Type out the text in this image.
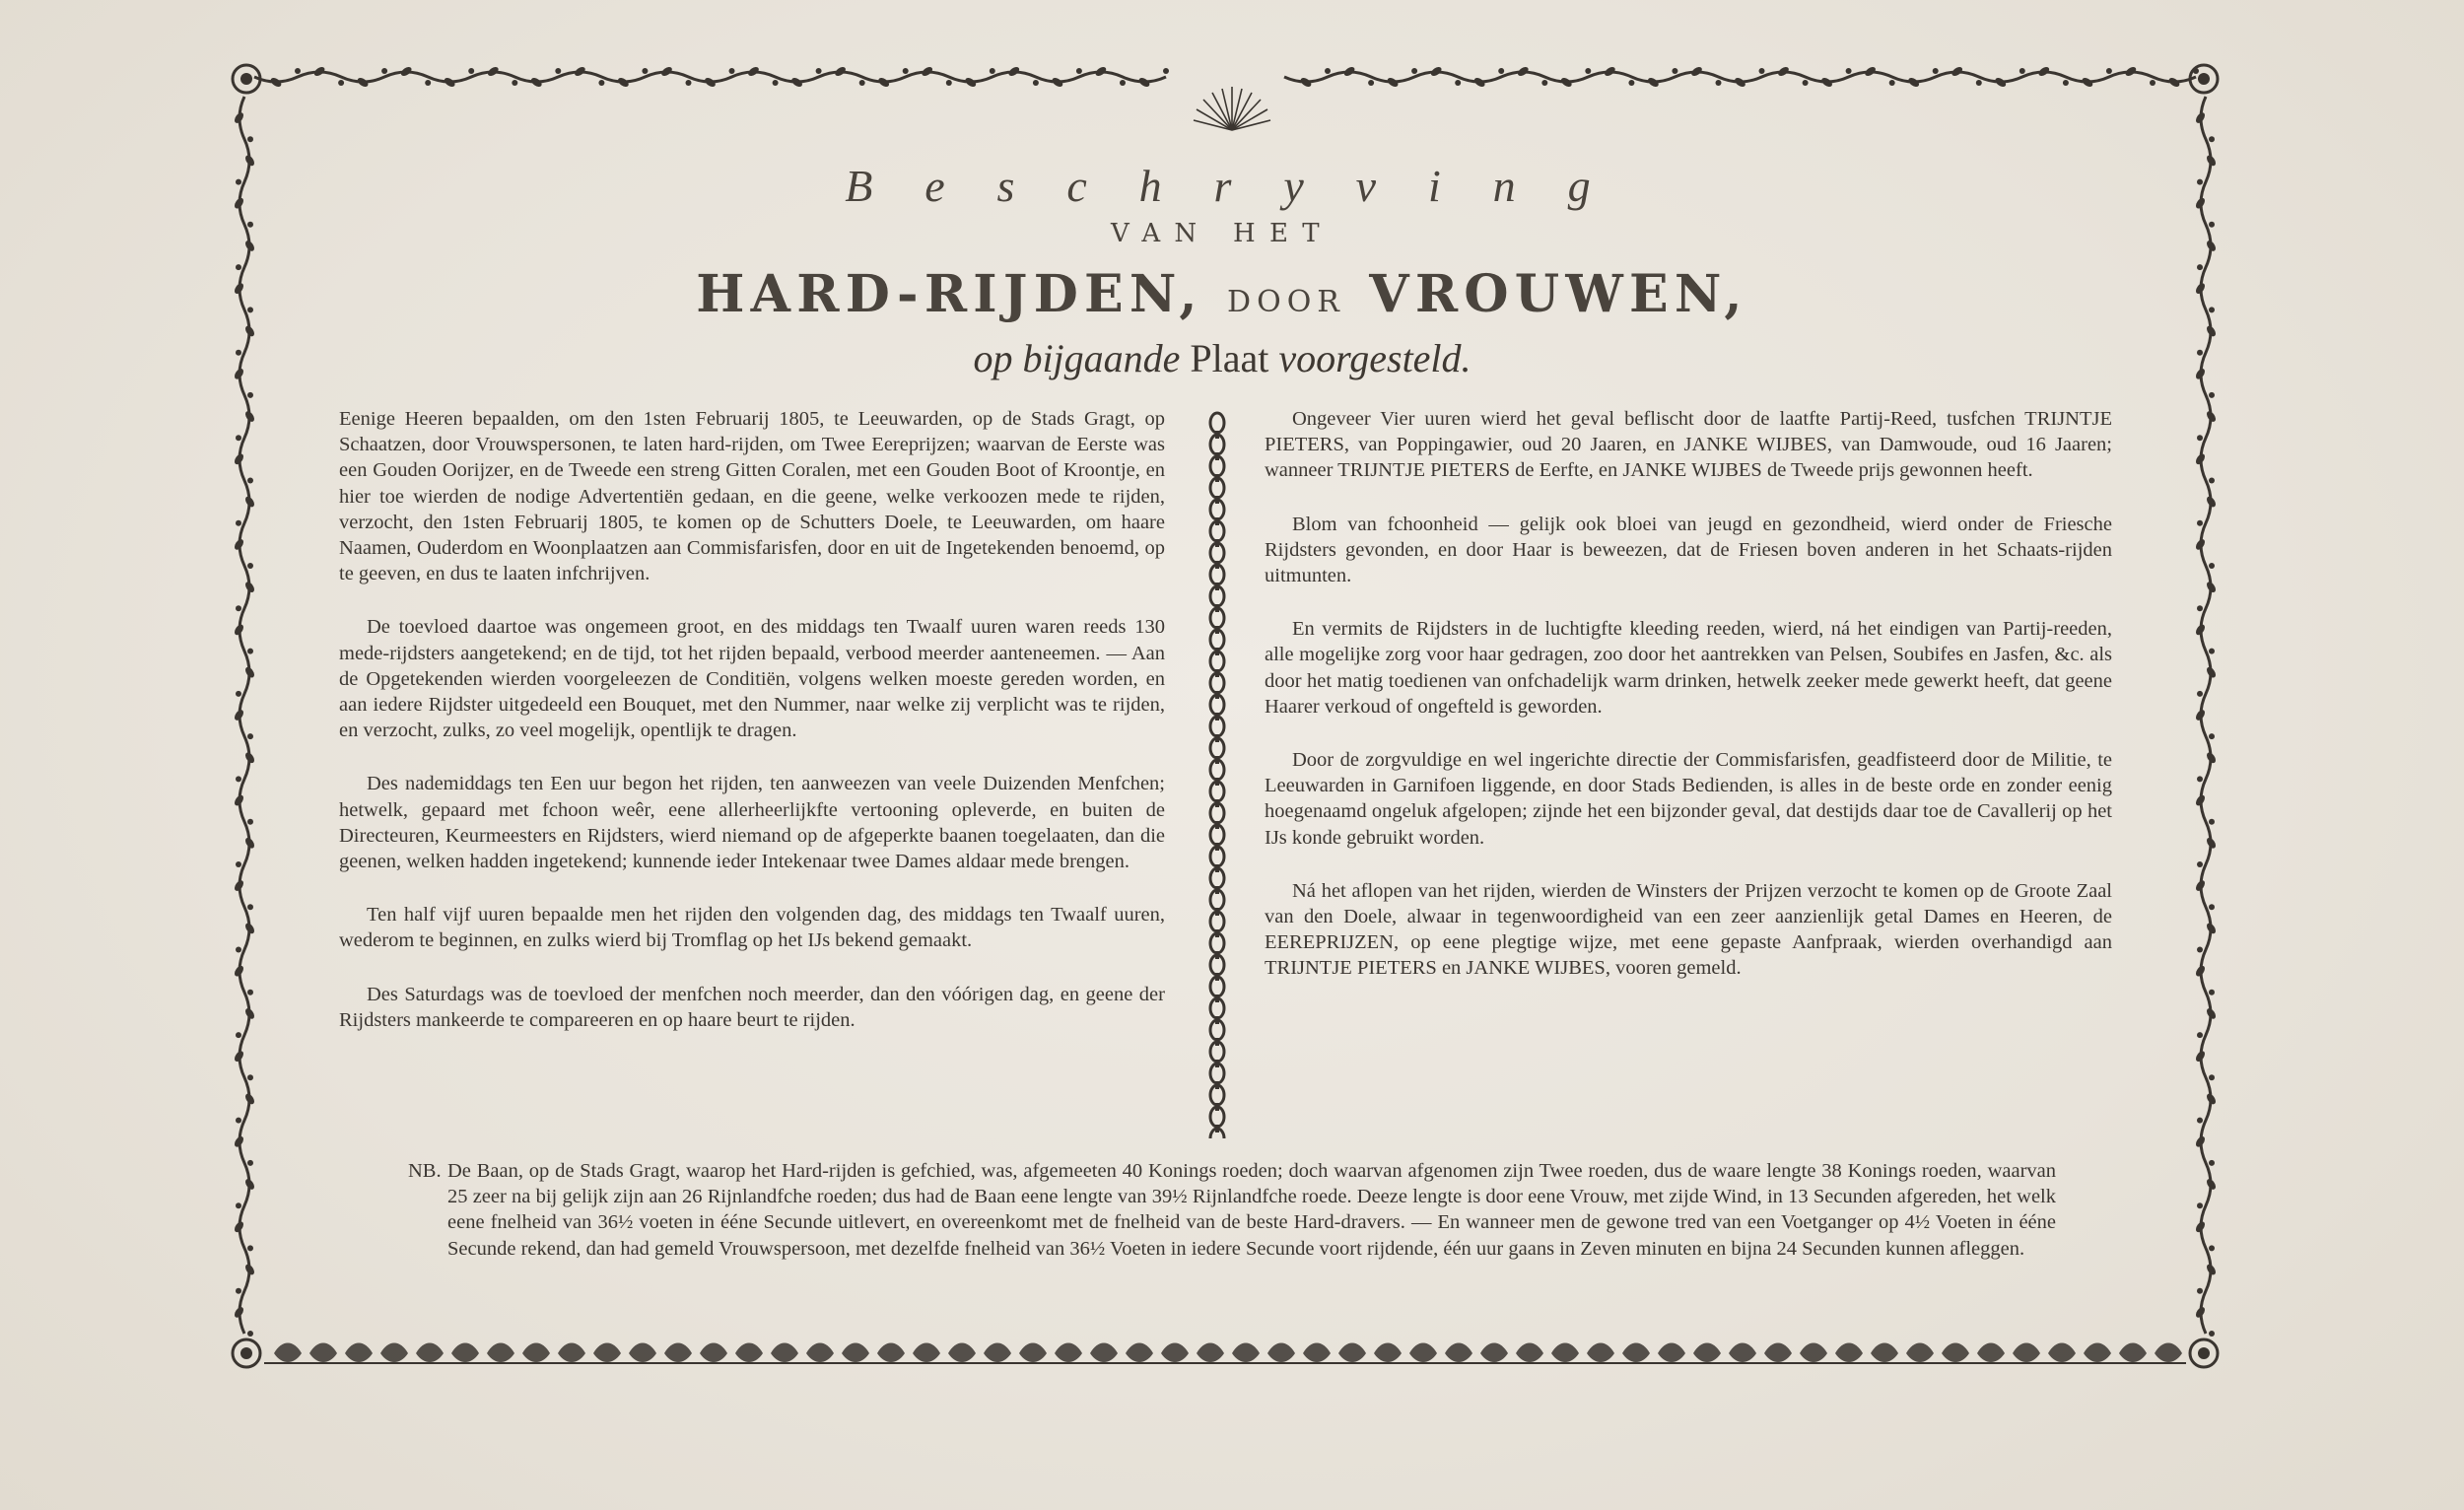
B e s c h r y v i n g
VAN HET
HARD-RIJDEN, DOOR VROUWEN,
op bijgaande Plaat voorgesteld.

Eenige Heeren bepaalden, om den 1sten Februarij 1805, te Leeuwarden, op de Stads Gragt, op Schaatzen, door Vrouwspersonen, te laten hard-rijden, om Twee Eereprijzen; waarvan de Eerste was een Gouden Oorijzer, en de Tweede een streng Gitten Coralen, met een Gouden Boot of Kroontje, en hier toe wierden de nodige Advertentiën gedaan, en die geene, welke verkoozen mede te rijden, verzocht, den 1sten Februarij 1805, te komen op de Schutters Doele, te Leeuwarden, om haare Naamen, Ouderdom en Woonplaatzen aan Commisfarisfen, door en uit de Ingetekenden benoemd, op te geeven, en dus te laaten infchrijven.

De toevloed daartoe was ongemeen groot, en des middags ten Twaalf uuren waren reeds 130 mede-rijdsters aangetekend; en de tijd, tot het rijden bepaald, verbood meerder aanteneemen. — Aan de Opgetekenden wierden voorgeleezen de Conditiën, volgens welken moeste gereden worden, en aan iedere Rijdster uitgedeeld een Bouquet, met den Nummer, naar welke zij verplicht was te rijden, en verzocht, zulks, zo veel mogelijk, opentlijk te dragen.

Des nademiddags ten Een uur begon het rijden, ten aanweezen van veele Duizenden Menfchen; hetwelk, gepaard met fchoon weêr, eene allerheerlijkfte vertooning opleverde, en buiten de Directeuren, Keurmeesters en Rijdsters, wierd niemand op de afgeperkte baanen toegelaaten, dan die geenen, welken hadden ingetekend; kunnende ieder Intekenaar twee Dames aldaar mede brengen.

Ten half vijf uuren bepaalde men het rijden den volgenden dag, des middags ten Twaalf uuren, wederom te beginnen, en zulks wierd bij Tromflag op het IJs bekend gemaakt.

Des Saturdags was de toevloed der menfchen noch meerder, dan den vóórigen dag, en geene der Rijdsters mankeerde te compareeren en op haare beurt te rijden.

Ongeveer Vier uuren wierd het geval beflischt door de laatfte Partij-Reed, tusfchen TRIJNTJE PIETERS, van Poppingawier, oud 20 Jaaren, en JANKE WIJBES, van Damwoude, oud 16 Jaaren; wanneer TRIJNTJE PIETERS de Eerfte, en JANKE WIJBES de Tweede prijs gewonnen heeft.

Blom van fchoonheid — gelijk ook bloei van jeugd en gezondheid, wierd onder de Friesche Rijdsters gevonden, en door Haar is beweezen, dat de Friesen boven anderen in het Schaats-rijden uitmunten.

En vermits de Rijdsters in de luchtigfte kleeding reeden, wierd, ná het eindigen van Partij-reeden, alle mogelijke zorg voor haar gedragen, zoo door het aantrekken van Pelsen, Soubifes en Jasfen, &c. als door het matig toedienen van onfchadelijk warm drinken, hetwelk zeeker mede gewerkt heeft, dat geene Haarer verkoud of ongefteld is geworden.

Door de zorgvuldige en wel ingerichte directie der Commisfarisfen, geadfisteerd door de Militie, te Leeuwarden in Garnifoen liggende, en door Stads Bedienden, is alles in de beste orde en zonder eenig hoegenaamd ongeluk afgelopen; zijnde het een bijzonder geval, dat destijds daar toe de Cavallerij op het IJs konde gebruikt worden.

Ná het aflopen van het rijden, wierden de Winsters der Prijzen verzocht te komen op de Groote Zaal van den Doele, alwaar in tegenwoordigheid van een zeer aanzienlijk getal Dames en Heeren, de EEREPRIJZEN, op eene plegtige wijze, met eene gepaste Aanfpraak, wierden overhandigd aan TRIJNTJE PIETERS en JANKE WIJBES, vooren gemeld.

NB. De Baan, op de Stads Gragt, waarop het Hard-rijden is gefchied, was, afgemeeten 40 Konings roeden; doch waarvan afgenomen zijn Twee roeden, dus de waare lengte 38 Konings roeden, waarvan 25 zeer na bij gelijk zijn aan 26 Rijnlandfche roeden; dus had de Baan eene lengte van 39½ Rijnlandfche roede. Deeze lengte is door eene Vrouw, met zijde Wind, in 13 Secunden afgereden, het welk eene fnelheid van 36½ voeten in ééne Secunde uitlevert, en overeenkomt met de fnelheid van de beste Hard-dravers. — En wanneer men de gewone tred van een Voetganger op 4½ Voeten in ééne Secunde rekend, dan had gemeld Vrouwspersoon, met dezelfde fnelheid van 36½ Voeten in iedere Secunde voort rijdende, één uur gaans in Zeven minuten en bijna 24 Secunden kunnen afleggen.
